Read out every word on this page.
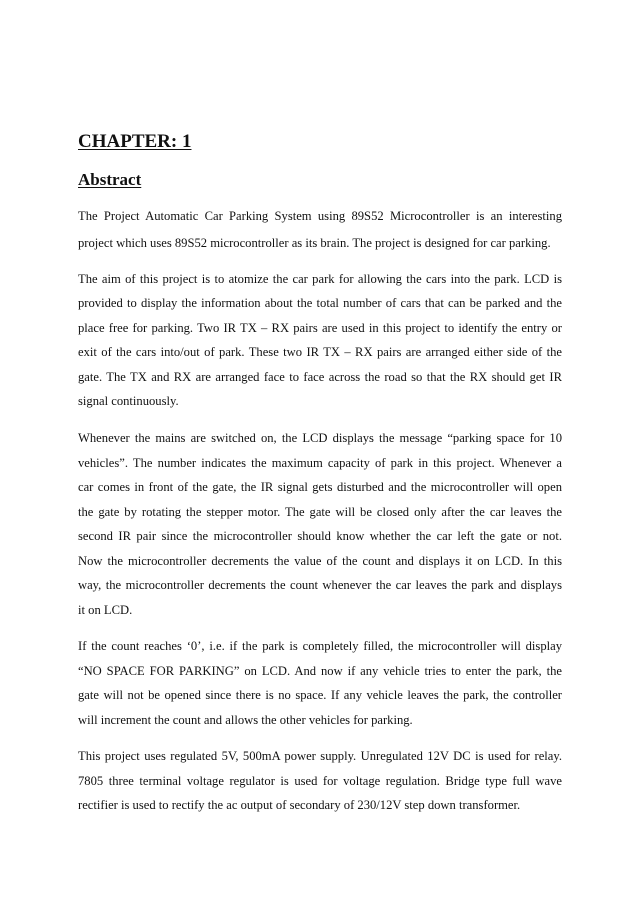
CHAPTER: 1
Abstract

The Project Automatic Car Parking System using 89S52 Microcontroller is an interesting

project which uses 89S52 microcontroller as its brain. The project is designed for car parking.

The aim of this project is to atomize the car park for allowing the cars into the park. LCD is

provided to display the information about the total number of cars that can be parked and the

place free for parking. Two IR TX – RX pairs are used in this project to identify the entry or

exit of the cars into/out of park. These two IR TX – RX pairs are arranged either side of the

gate. The TX and RX are arranged face to face across the road so that the RX should get IR

signal continuously.

Whenever the mains are switched on, the LCD displays the message “parking space for 10

vehicles”. The number indicates the maximum capacity of park in this project. Whenever a

car comes in front of the gate, the IR signal gets disturbed and the microcontroller will open

the gate by rotating the stepper motor. The gate will be closed only after the car leaves the

second IR pair since the microcontroller should know whether the car left the gate or not.

Now the microcontroller decrements the value of the count and displays it on LCD. In this

way, the microcontroller decrements the count whenever the car leaves the park and displays

it on LCD.

If the count reaches ‘0’, i.e. if the park is completely filled, the microcontroller will display

“NO SPACE FOR PARKING” on LCD. And now if any vehicle tries to enter the park, the

gate will not be opened since there is no space. If any vehicle leaves the park, the controller

will increment the count and allows the other vehicles for parking.

This project uses regulated 5V, 500mA power supply. Unregulated 12V DC is used for relay.

7805 three terminal voltage regulator is used for voltage regulation. Bridge type full wave

rectifier is used to rectify the ac output of secondary of 230/12V step down transformer.
